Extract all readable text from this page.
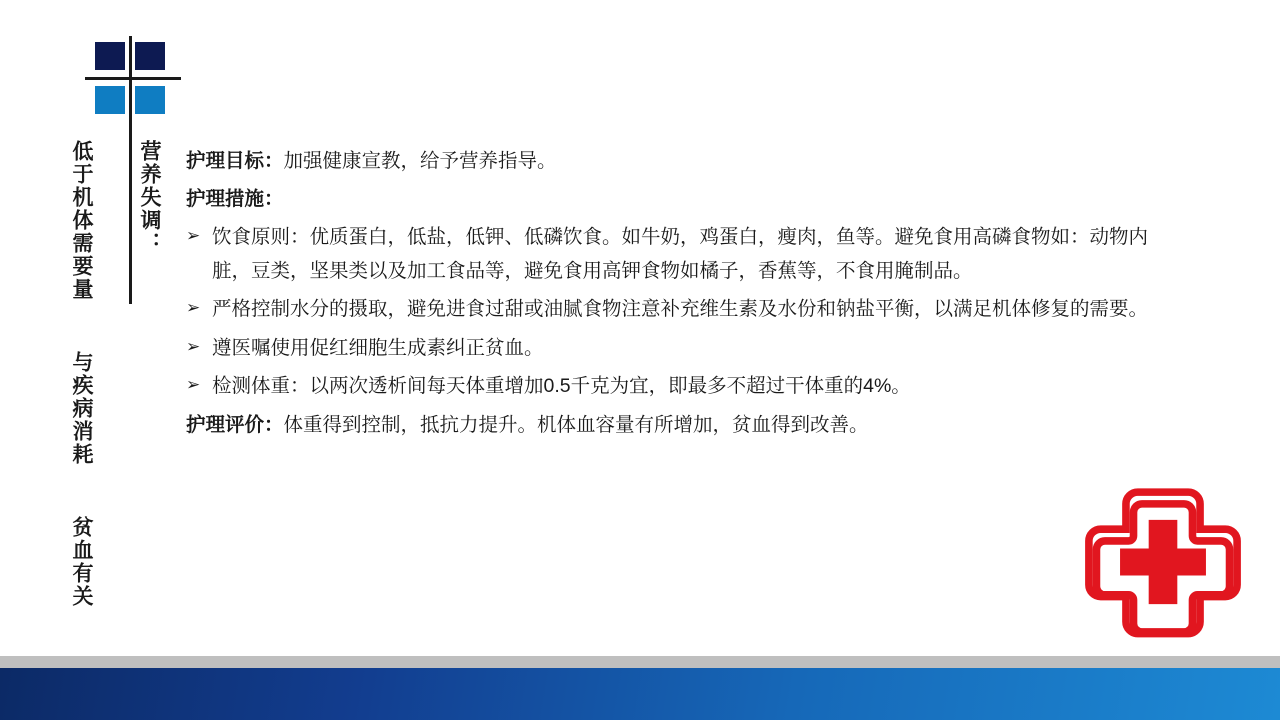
营养失调：
低于机体需要量  与疾病消耗  贫血有关	护理目标：加强健康宣教，给予营养指导。

护理措施：

➢ 饮食原则：优质蛋白，低盐，低钾、低磷饮食。如牛奶，鸡蛋白，瘦肉，鱼等。避免食用高磷食物如：动物内脏，豆类，坚果类以及加工食品等，避免食用高钾食物如橘子，香蕉等，不食用腌制品。
➢ 严格控制水分的摄取，避免进食过甜或油腻食物注意补充维生素及水份和钠盐平衡，以满足机体修复的需要。
➢ 遵医嘱使用促红细胞生成素纠正贫血。
➢ 检测体重：以两次透析间每天体重增加0.5千克为宜，即最多不超过干体重的4%。

护理评价：体重得到控制，抵抗力提升。机体血容量有所增加，贫血得到改善。
